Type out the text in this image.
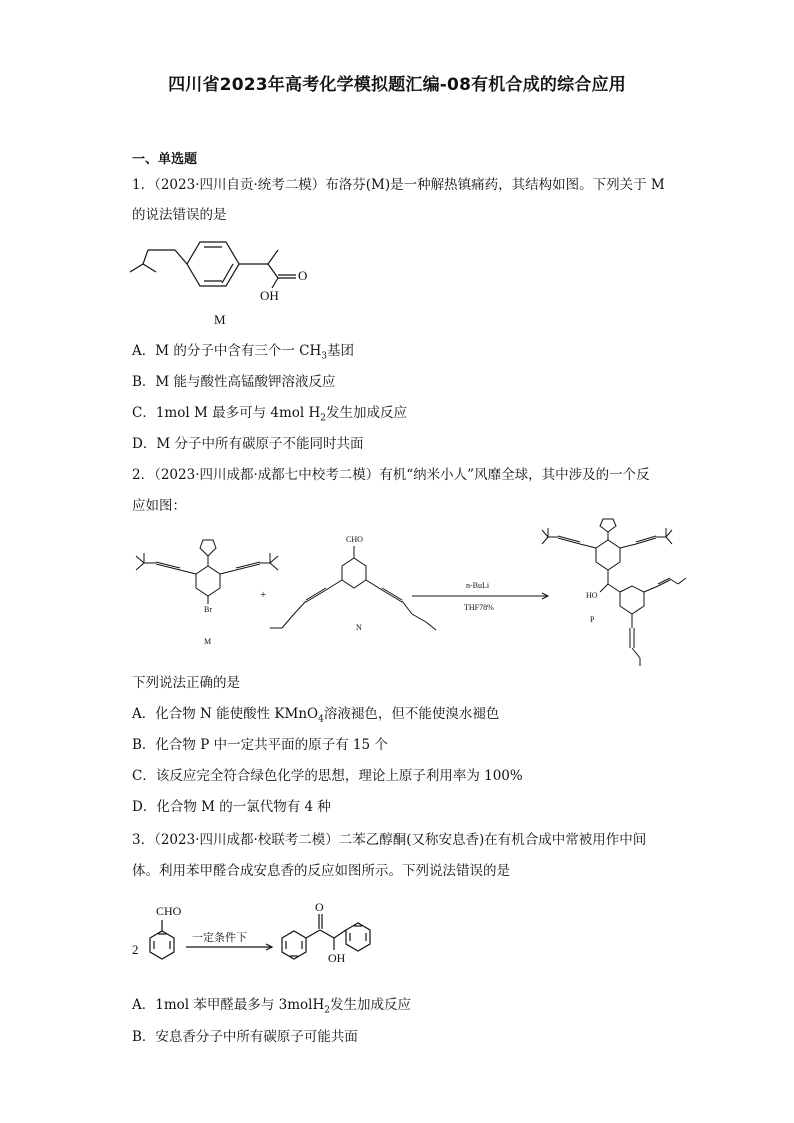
四川省2023年高考化学模拟题汇编-08有机合成的综合应用
一、单选题
1．（2023·四川自贡·统考二模）布洛芬(M)是一种解热镇痛药，其结构如图。下列关于 M
的说法错误的是
O
OH
M
A．M 的分子中含有三个一 $CH_3$基团
B．M 能与酸性高锰酸钾溶液反应
C．1mol M 最多可与 4mol $H_2$发生加成反应
D．M 分子中所有碳原子不能同时共面
2．（2023·四川成都·成都七中校考二模）有机“纳米小人”风靡全球，其中涉及的一个反
应如图：
Br
M
+
CHO
N
n-BuLi
THF78%
HO
P
下列说法正确的是
A．化合物 N 能使酸性 KMnO$_4$溶液褪色，但不能使溴水褪色
B．化合物 P 中一定共平面的原子有 15 个
C．该反应完全符合绿色化学的思想，理论上原子利用率为 100%
D．化合物 M 的一氯代物有 4 种
3．（2023·四川成都·校联考二模）二苯乙醇酮(又称安息香)在有机合成中常被用作中间
体。利用苯甲醛合成安息香的反应如图所示。下列说法错误的是
2
CHO
一定条件下
O
OH
A．1mol 苯甲醛最多与 3molH$_2$发生加成反应
B．安息香分子中所有碳原子可能共面
